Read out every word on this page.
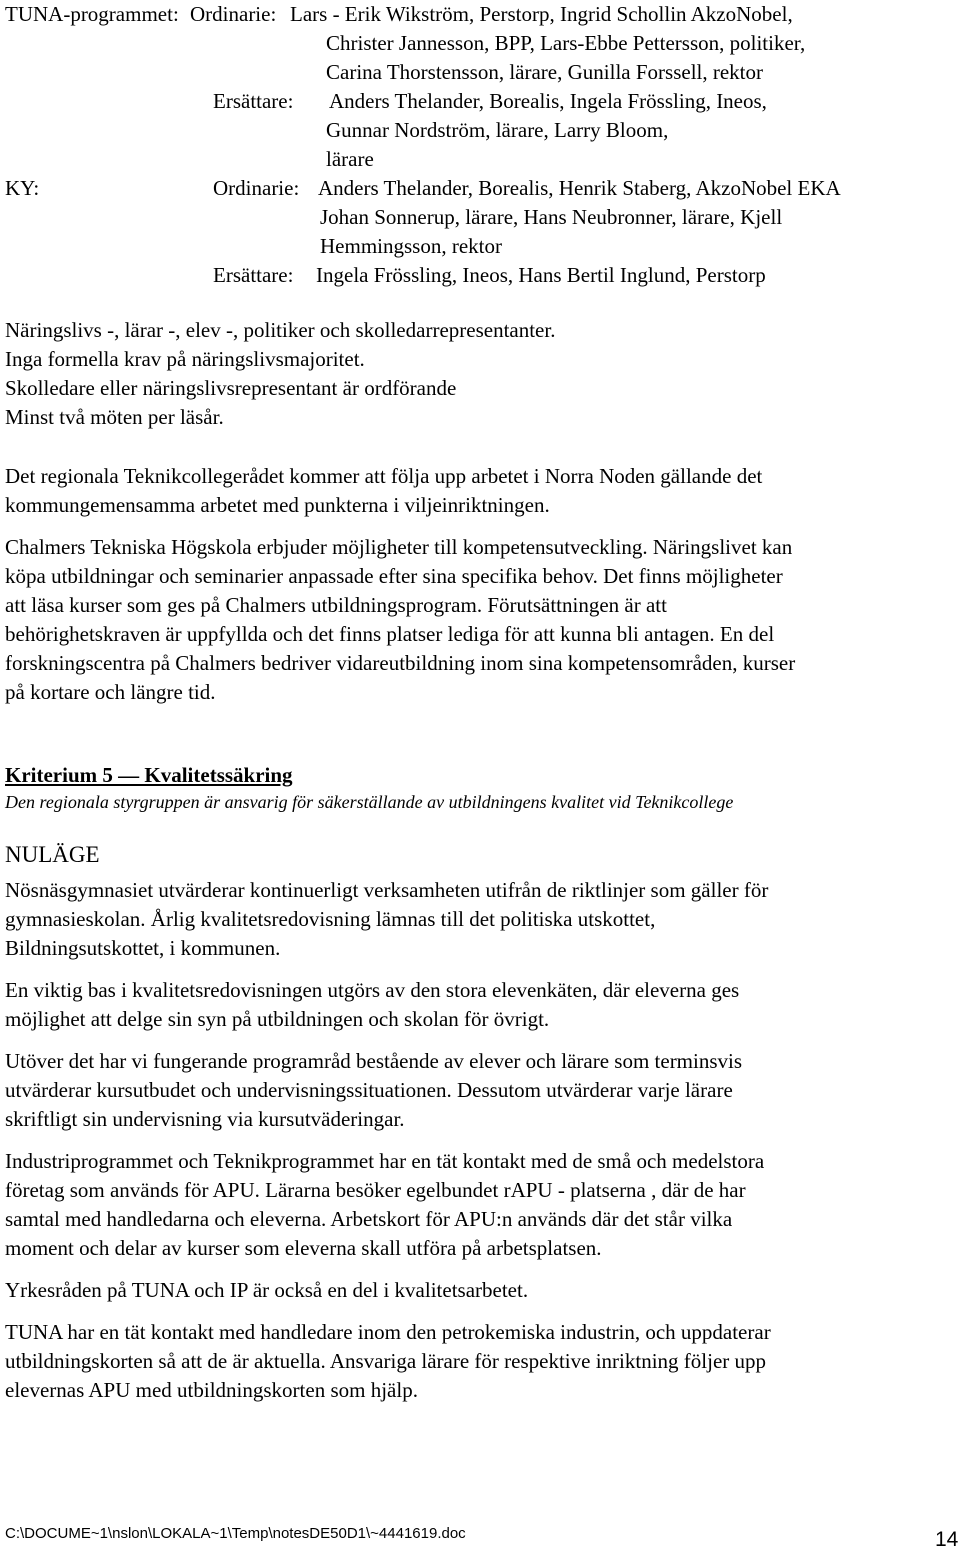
TUNA-programmet: Ordinarie: Lars - Erik Wikström, Perstorp, Ingrid Schollin AkzoNobel,
Christer Jannesson, BPP, Lars-Ebbe Pettersson, politiker,
Carina Thorstensson, lärare, Gunilla Forssell, rektor
Ersättare: Anders Thelander, Borealis, Ingela Frössling, Ineos,
Gunnar Nordström, lärare, Larry Bloom,
lärare
KY:	Ordinarie: Anders Thelander, Borealis, Henrik Staberg, AkzoNobel EKA
Johan Sonnerup, lärare, Hans Neubronner, lärare, Kjell
Hemmingsson, rektor
Ersättare: Ingela Frössling, Ineos, Hans Bertil Inglund, Perstorp
Näringslivs -, lärar -, elev -, politiker och skolledarrepresentanter.
Inga formella krav på näringslivsmajoritet.
Skolledare eller näringslivsrepresentant är ordförande
Minst två möten per läsår.
Det regionala Teknikcollegerådet kommer att följa upp arbetet i Norra Noden gällande det
kommungemensamma arbetet med punkterna i viljeinriktningen.
Chalmers Tekniska Högskola erbjuder möjligheter till kompetensutveckling. Näringslivet kan
köpa utbildningar och seminarier anpassade efter sina specifika behov. Det finns möjligheter
att läsa kurser som ges på Chalmers utbildningsprogram. Förutsättningen är att
behörighetskraven är uppfyllda och det finns platser lediga för att kunna bli antagen. En del
forskningscentra på Chalmers bedriver vidareutbildning inom sina kompetensområden, kurser
på kortare och längre tid.
Kriterium 5 — Kvalitetssäkring
Den regionala styrgruppen är ansvarig för säkerställande av utbildningens kvalitet vid Teknikcollege
NULÄGE
Nösnäsgymnasiet utvärderar kontinuerligt verksamheten utifrån de riktlinjer som gäller för
gymnasieskolan. Årlig kvalitetsredovisning lämnas till det politiska utskottet,
Bildningsutskottet, i kommunen.
En viktig bas i kvalitetsredovisningen utgörs av den stora elevenkäten, där eleverna ges
möjlighet att delge sin syn på utbildningen och skolan för övrigt.
Utöver det har vi fungerande programråd bestående av elever och lärare som terminsvis
utvärderar kursutbudet och undervisningssituationen. Dessutom utvärderar varje lärare
skriftligt sin undervisning via kursutväderingar.
Industriprogrammet och Teknikprogrammet har en tät kontakt med de små och medelstora
företag som används för APU. Lärarna besöker egelbundet rAPU - platserna , där de har
samtal med handledarna och eleverna. Arbetskort för APU:n används där det står vilka
moment och delar av kurser som eleverna skall utföra på arbetsplatsen.
Yrkesråden på TUNA och IP är också en del i kvalitetsarbetet.
TUNA har en tät kontakt med handledare inom den petrokemiska industrin, och uppdaterar
utbildningskorten så att de är aktuella. Ansvariga lärare för respektive inriktning följer upp
elevernas APU med utbildningskorten som hjälp.
C:\DOCUME~1\nslon\LOKALA~1\Temp\notesDE50D1\~4441619.doc	14
